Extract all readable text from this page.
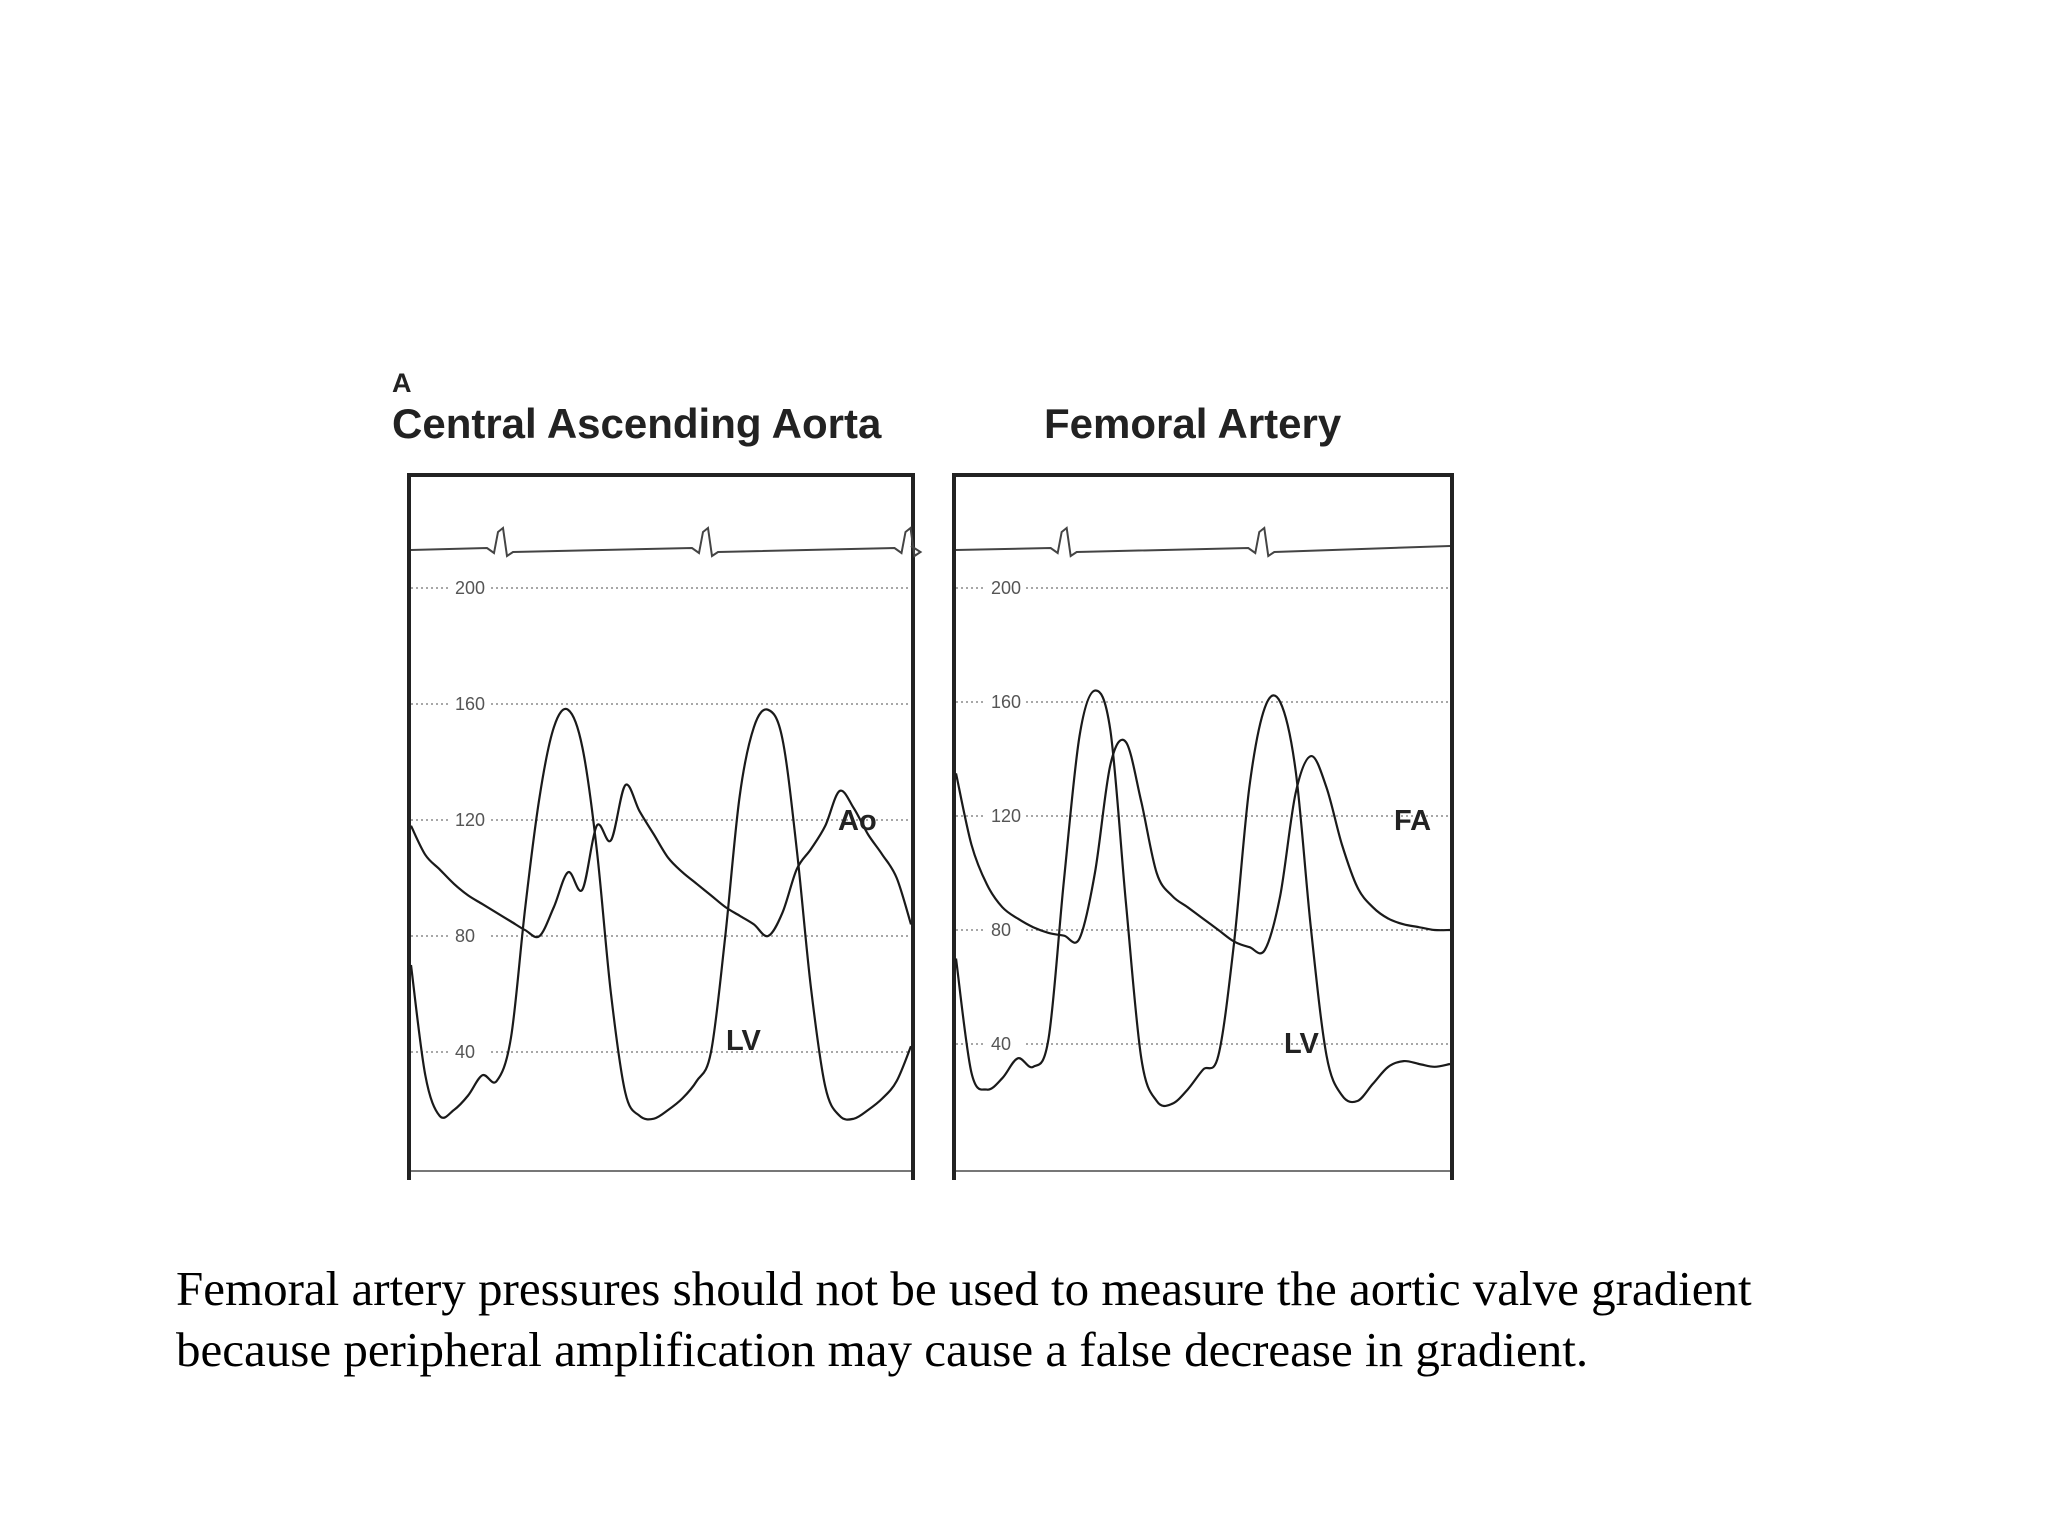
A
Central Ascending Aorta
200
160
120
80
40
Ao
LV
Femoral Artery
200
160
120
80
40
FA
LV

Femoral artery pressures should not be used to measure the aortic valve gradient because peripheral amplification may cause a false decrease in gradient.
